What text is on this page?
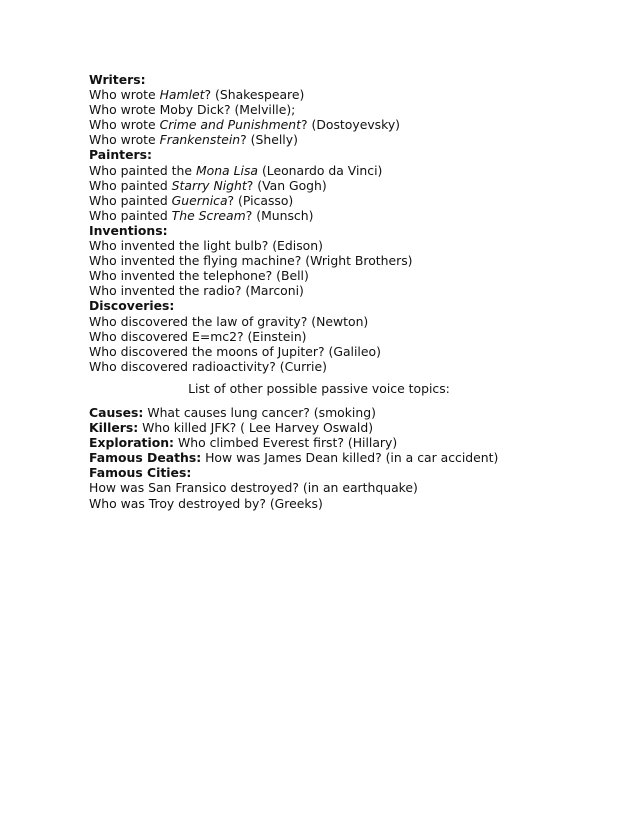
Writers:
Who wrote Hamlet? (Shakespeare)
Who wrote Moby Dick? (Melville);
Who wrote Crime and Punishment? (Dostoyevsky)
Who wrote Frankenstein? (Shelly)
Painters:
Who painted the Mona Lisa (Leonardo da Vinci)
Who painted Starry Night? (Van Gogh)
Who painted Guernica? (Picasso)
Who painted The Scream? (Munsch)
Inventions:
Who invented the light bulb? (Edison)
Who invented the flying machine? (Wright Brothers)
Who invented the telephone? (Bell)
Who invented the radio? (Marconi)
Discoveries:
Who discovered the law of gravity? (Newton)
Who discovered E=mc2? (Einstein)
Who discovered the moons of Jupiter? (Galileo)
Who discovered radioactivity? (Currie)
List of other possible passive voice topics:
Causes: What causes lung cancer? (smoking)
Killers: Who killed JFK? ( Lee Harvey Oswald)
Exploration: Who climbed Everest first? (Hillary)
Famous Deaths: How was James Dean killed? (in a car accident)
Famous Cities:
How was San Fransico destroyed? (in an earthquake)
Who was Troy destroyed by? (Greeks)
